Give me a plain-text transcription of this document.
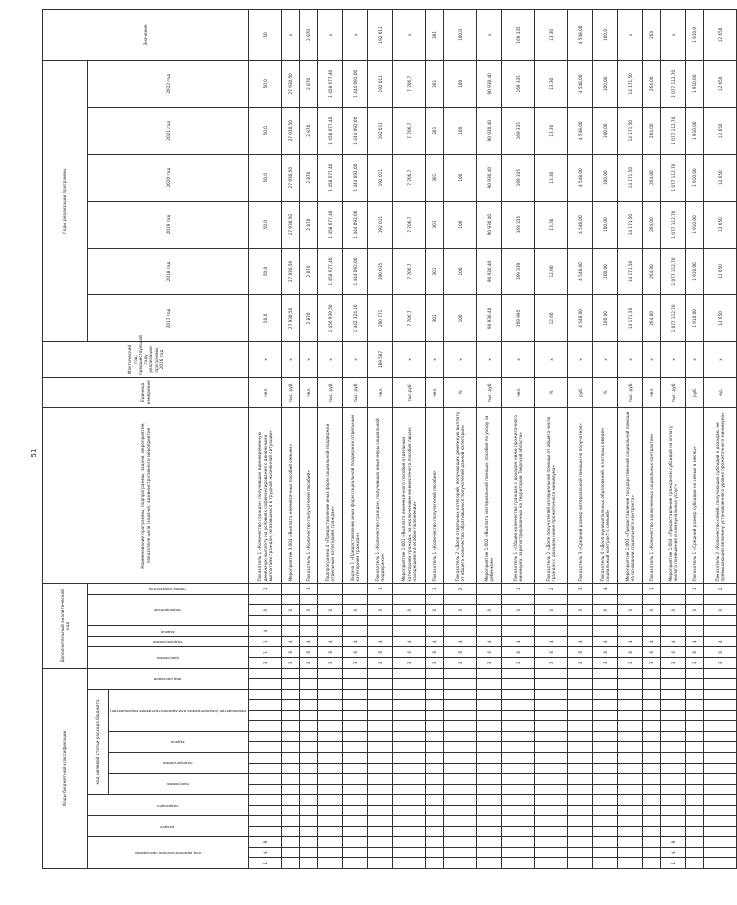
51
Коды бюджетной классификации																			Дополнительный аналитический код								Наименование программы, подпрограммы, задачи, мероприятия, показателя цели (задачи), административного мероприятия	Единица измерения	Фактический год, предшествующий году реализации программы, 2016 год	Годы реализации программы						Значение
код администратора программы			раздел		подраздел		код целевой статьи расхода бюджета										вид расходов		программа		подпрограмма	задача	мероприятие			номер показателя				2017 год	2018 год	2019 год	2020 год	2021 год	2022 год	
							программа		подпрограмма		задача		мероприятие (подпрограмма или административное мероприятие)																							
1	4	8																	3	1	1	4		0		1	Показатель 1 «Количество граждан, получивших единовременную денежную выплату на условиях софинансирования с денежными выплатами граждан, оказавшихся в трудной жизненной ситуации»	чел.	х	50,0	50,0	50,0	50,0	50,0	50,0	50
																			3	6	4			0			Мероприятие 3.004 «Выплата ежемесячных пособий семьям»	тыс. руб.	х	27 930,50	27 930,50	27 930,50	27 930,50	27 930,50	27 930,50	х
																			3	6	4			0		1	Показатель 1 «Количество получателей пособий»	чел.	х	2 870	2 870	2 870	2 870	2 870	2 870	2 870
																			3	6	4			0			Подпрограмма 4 «Предоставление иных форм социальной поддержки отдельным категориям граждан»	тыс. руб.	х	1 456 939,50	1 458 677,40	1 458 677,40	1 458 677,40	1 458 677,40	1 458 677,40	х
																			3	6	4			0			Задача 1 «Предоставление иных форм социальной поддержки отдельным категориям граждан»	тыс. руб.	х	1 442 324,10	1 444 092,00	1 444 092,00	1 444 092,00	1 444 092,00	1 444 092,00	х
																			3	6	4			0		1	Показатель 1 «Количество граждан, получивших иные меры социальной поддержки»	чел.	189 587	200 771	190 015	192 011	192 011	192 011	192 011	192 011
																			3	6	4			0			Мероприятие 1.001 «Выплата ежемесячного пособия отдельным категориям граждан, за исключением ежемесячного пособия лицам, находящимся в особом положении»	тыс.руб.	х	7 706,7	7 706,7	7 706,7	7 706,7	7 706,7	7 706,7	х
																			3	6	4			0		1	Показатель 1 «Количество получателей пособия»	чел.	х	301	301	301	301	301	301	301
																			3	6	4			0		2	Показатель 2 «Доля отдельных категорий, получающих денежную выплату, от общего количества обратившихся получателей данной категории»	%	х	100	100	100	100	100	100	100,0
																			3	6	4			0			Мероприятие 1.002 «Выплата материальной помощи, пособия по уходу за ребенком»	тыс. руб.	х	90 930,40	90 930,40	90 930,40	90 930,40	90 930,40	90 930,40	х
																			3	6	4			0		1	Показатель 1 «Общее количество граждан с доходом ниже прожиточного минимума, зарегистрированных на территории Тверской области»	чел.	х	169 995	169 339	169 335	169 335	169 335	169 335	169 335
																			3	6	4			0		2	Показатель 2 «Доля получателей материальной помощи от общего числа граждан с доходом ниже прожиточного минимума»	%	х	12,60	12,90	13,30	13,30	13,30	13,30	13,30
																			3	6	4			0		3	Показатель 3 «Средний размер материальной помощи на получателя»	руб.	х	4 548,00	4 548,00	4 548,00	4 548,00	4 548,00	4 548,00	4 548,00
																			3	6	4			0		4	Показатель 4 «Доля муниципальных образований, в которых введен социальный контракт с семьей»	%	х	100,00	100,00	100,00	100,00	100,00	100,00	100,0
																			3	6	4			0			Мероприятие 1.003 «Предоставление государственной социальной помощи на основании социального контракта»	тыс. руб.	х	14 171,50	14 171,50	14 171,50	14 171,50	14 171,50	14 171,50	х
																			3	6	4			0		1	Показатель 1 «Количество заключенных социальных контрактов»	чел.	х	264,00	264,00	264,00	264,00	264,00	264,00	264
1	4	8																	3	6	4			0			Мероприятие 1.004 «Предоставление гражданам субсидий на оплату жилого помещения и коммунальных услуг»	тыс. руб.	х	1 077 112,70	1 077 112,70	1 077 112,70	1 077 112,70	1 077 112,70	1 077 112,70	х
																			3	6	4			0		1	Показатель 1 «Средний размер субсидии на семью в месяц»	руб.	х	1 910,00	1 910,00	1 910,00	1 910,00	1 910,00	1 910,00	1 910,0
																			3	6	4			0		2	Показатель 2 «Количество семей, получающих субсидии к доходам, не превышающим величину установленного уровня прожиточного минимума»	ед.	х	12 650	12 650	12 650	12 650	12 650	12 650	12 650
